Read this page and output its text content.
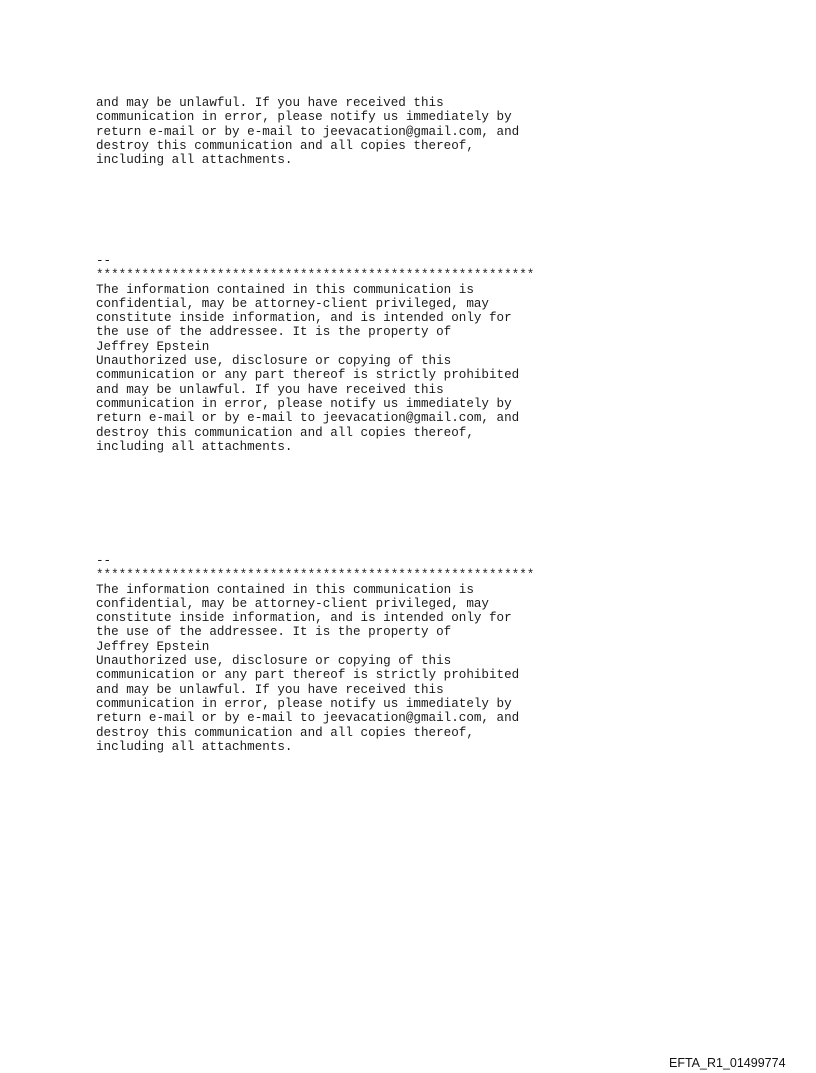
and may be unlawful. If you have received this
communication in error, please notify us immediately by
return e-mail or by e-mail to jeevacation@gmail.com, and
destroy this communication and all copies thereof,
including all attachments.
--
**********************************************************
The information contained in this communication is
confidential, may be attorney-client privileged, may
constitute inside information, and is intended only for
the use of the addressee. It is the property of
Jeffrey Epstein
Unauthorized use, disclosure or copying of this
communication or any part thereof is strictly prohibited
and may be unlawful. If you have received this
communication in error, please notify us immediately by
return e-mail or by e-mail to jeevacation@gmail.com, and
destroy this communication and all copies thereof,
including all attachments.
--
**********************************************************
The information contained in this communication is
confidential, may be attorney-client privileged, may
constitute inside information, and is intended only for
the use of the addressee. It is the property of
Jeffrey Epstein
Unauthorized use, disclosure or copying of this
communication or any part thereof is strictly prohibited
and may be unlawful. If you have received this
communication in error, please notify us immediately by
return e-mail or by e-mail to jeevacation@gmail.com, and
destroy this communication and all copies thereof,
including all attachments.
EFTA_R1_01499774
